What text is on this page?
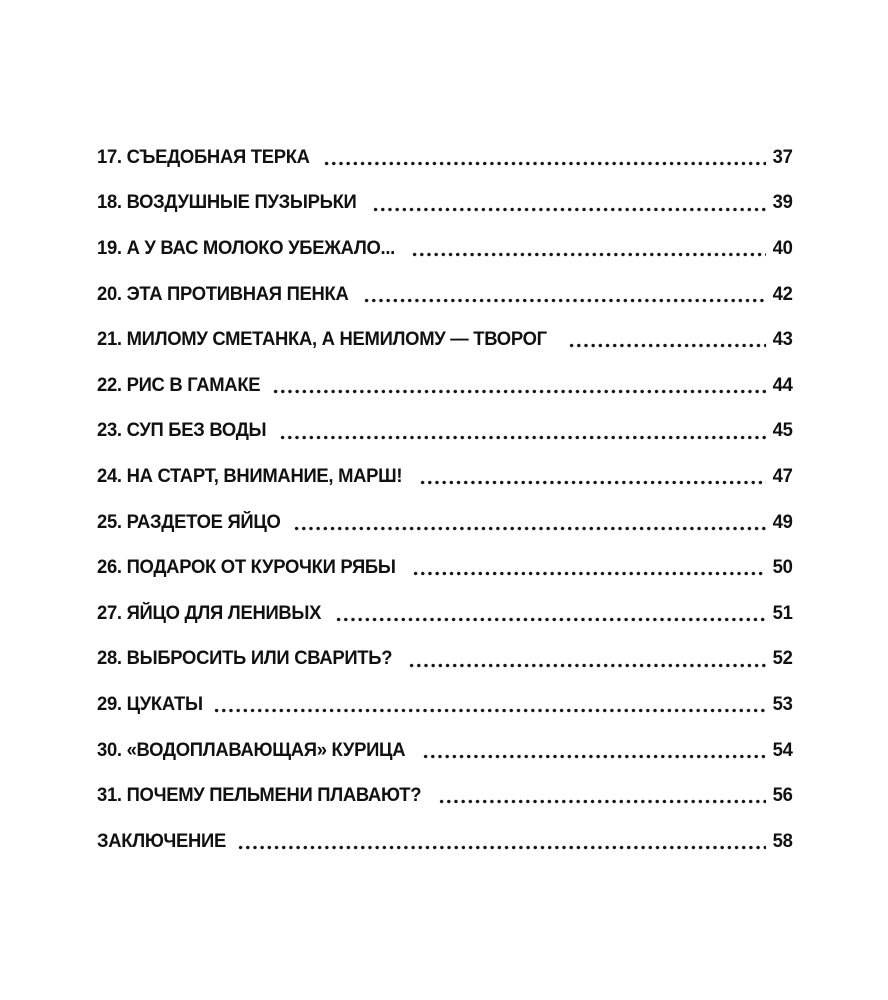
17. СЪЕДОБНАЯ ТЕРКА	37
18. ВОЗДУШНЫЕ ПУЗЫРЬКИ	39
19. А У ВАС МОЛОКО УБЕЖАЛО...	40
20. ЭТА ПРОТИВНАЯ ПЕНКА	42
21. МИЛОМУ СМЕТАНКА, А НЕМИЛОМУ — ТВОРОГ	43
22. РИС В ГАМАКЕ	44
23. СУП БЕЗ ВОДЫ	45
24. НА СТАРТ, ВНИМАНИЕ, МАРШ!	47
25. РАЗДЕТОЕ ЯЙЦО	49
26. ПОДАРОК ОТ КУРОЧКИ РЯБЫ	50
27. ЯЙЦО ДЛЯ ЛЕНИВЫХ	51
28. ВЫБРОСИТЬ ИЛИ СВАРИТЬ?	52
29. ЦУКАТЫ	53
30. «ВОДОПЛАВАЮЩАЯ» КУРИЦА	54
31. ПОЧЕМУ ПЕЛЬМЕНИ ПЛАВАЮТ?	56
ЗАКЛЮЧЕНИЕ	58
